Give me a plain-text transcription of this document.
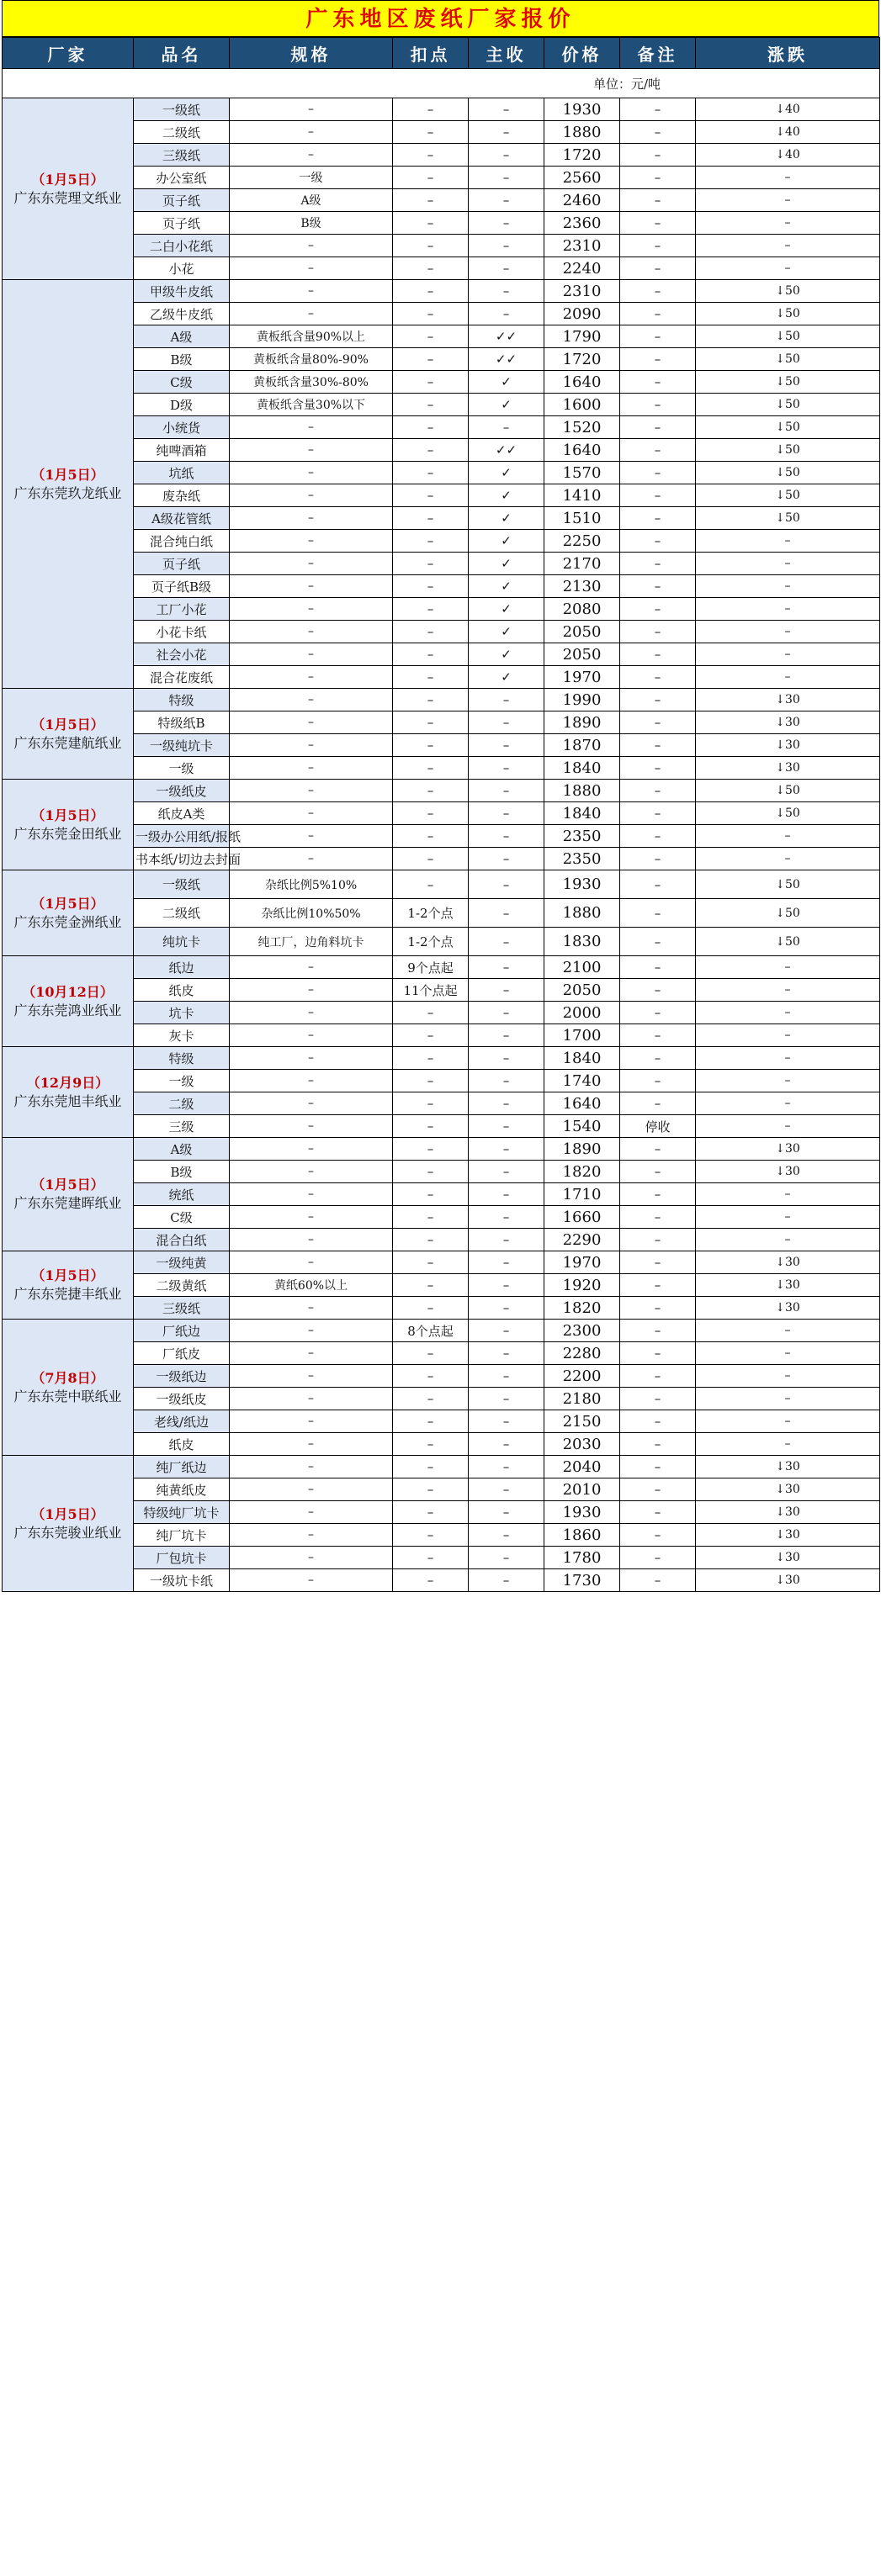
广东地区废纸厂家报价
厂家	品名	规格	扣点	主收	价格	备注	涨跌
单位：元/吨							

（1月5日）
广东东莞理文纸业	一级纸	–	–	–	1930	–	↓40
	二级纸	–	–	–	1880	–	↓40
	三级纸	–	–	–	1720	–	↓40
	办公室纸	一级	–	–	2560	–	–
	页子纸	A级	–	–	2460	–	–
	页子纸	B级	–	–	2360	–	–
	二白小花纸	–	–	–	2310	–	–
	小花	–	–	–	2240	–	–

（1月5日）
广东东莞玖龙纸业	甲级牛皮纸	–	–	–	2310	–	↓50
	乙级牛皮纸	–	–	–	2090	–	↓50
	A级	黄板纸含量90%以上	–	✓✓	1790	–	↓50
	B级	黄板纸含量80%-90%	–	✓✓	1720	–	↓50
	C级	黄板纸含量30%-80%	–	✓	1640	–	↓50
	D级	黄板纸含量30%以下	–	✓	1600	–	↓50
	小统货	–	–	–	1520	–	↓50
	纯啤酒箱	–	–	✓✓	1640	–	↓50
	坑纸	–	–	✓	1570	–	↓50
	废杂纸	–	–	✓	1410	–	↓50
	A级花管纸	–	–	✓	1510	–	↓50
	混合纯白纸	–	–	✓	2250	–	–
	页子纸	–	–	✓	2170	–	–
	页子纸B级	–	–	✓	2130	–	–
	工厂小花	–	–	✓	2080	–	–
	小花卡纸	–	–	✓	2050	–	–
	社会小花	–	–	✓	2050	–	–
	混合花废纸	–	–	✓	1970	–	–

（1月5日）
广东东莞建航纸业	特级	–	–	–	1990	–	↓30
	特级纸B	–	–	–	1890	–	↓30
	一级纯坑卡	–	–	–	1870	–	↓30
	一级	–	–	–	1840	–	↓30

（1月5日）
广东东莞金田纸业	一级纸皮	–	–	–	1880	–	↓50
	纸皮A类	–	–	–	1840	–	↓50
	一级办公用纸/报纸	–	–	–	2350	–	–
	书本纸/切边去封面	–	–	–	2350	–	–

（1月5日）
广东东莞金洲纸业	一级纸	杂纸比例5%10%	–	–	1930	–	↓50
	二级纸	杂纸比例10%50%	1-2个点	–	1880	–	↓50
	纯坑卡	纯工厂，边角料坑卡	1-2个点	–	1830	–	↓50

（10月12日）
广东东莞鸿业纸业	纸边	–	9个点起	–	2100	–	–
	纸皮	–	11个点起	–	2050	–	–
	坑卡	–	–	–	2000	–	–
	灰卡	–	–	–	1700	–	–

（12月9日）
广东东莞旭丰纸业	特级	–	–	–	1840	–	–
	一级	–	–	–	1740	–	–
	二级	–	–	–	1640	–	–
	三级	–	–	–	1540	停收	–

（1月5日）
广东东莞建晖纸业	A级	–	–	–	1890	–	↓30
	B级	–	–	–	1820	–	↓30
	统纸	–	–	–	1710	–	–
	C级	–	–	–	1660	–	–
	混合白纸	–	–	–	2290	–	–

（1月5日）
广东东莞捷丰纸业	一级纯黄	–	–	–	1970	–	↓30
	二级黄纸	黄纸60%以上	–	–	1920	–	↓30
	三级纸	–	–	–	1820	–	↓30

（7月8日）
广东东莞中联纸业	厂纸边	–	8个点起	–	2300	–	–
	厂纸皮	–	–	–	2280	–	–
	一级纸边	–	–	–	2200	–	–
	一级纸皮	–	–	–	2180	–	–
	老线/纸边	–	–	–	2150	–	–
	纸皮	–	–	–	2030	–	–

（1月5日）
广东东莞骏业纸业	纯厂纸边	–	–	–	2040	–	↓30
	纯黄纸皮	–	–	–	2010	–	↓30
	特级纯厂坑卡	–	–	–	1930	–	↓30
	纯厂坑卡	–	–	–	1860	–	↓30
	厂包坑卡	–	–	–	1780	–	↓30
	一级坑卡纸	–	–	–	1730	–	↓30
